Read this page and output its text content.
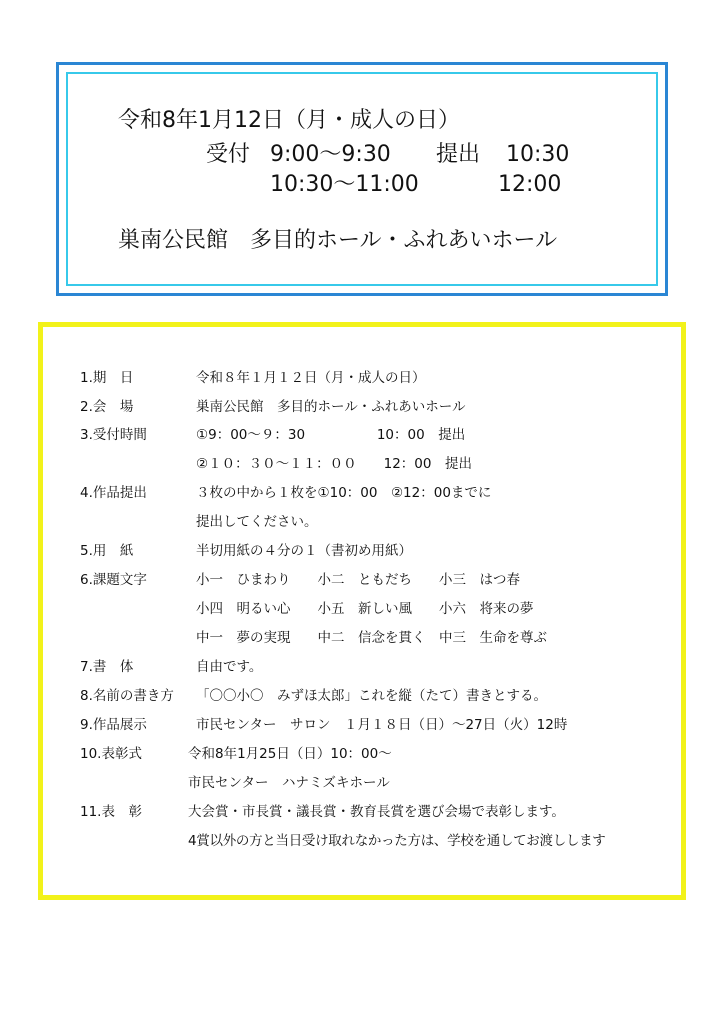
令和8年1月12日（月・成人の日）
受付 9:00～9:30 提出 10:30
10:30～11:00	12:00
巣南公民館　多目的ホール・ふれあいホール
1.期　日	令和８年１月１２日（月・成人の日）
2.会　場	巣南公民館　多目的ホール・ふれあいホール
3.受付時間	①9：00～９：30　　　　　 10：00　提出
②１０：３０～１１：００　　12：00　提出
4.作品提出	３枚の中から１枚を①10：00　②12：00までに
提出してください。
5.用　紙	半切用紙の４分の１（書初め用紙）
6.課題文字	小一　ひまわり　　小二　ともだち　　小三　はつ春
小四　明るい心　　小五　新しい風　　小六　将来の夢
中一　夢の実現　　中二　信念を貫く　中三　生命を尊ぶ
7.書　体	自由です。
8.名前の書き方 「〇〇小〇　みずほ太郎」これを縦（たて）書きとする。
9.作品展示	市民センター　サロン　１月１８日（日）～27日（火）12時
10.表彰式	令和8年1月25日（日）10：00～
市民センター　ハナミズキホール
11.表　彰	大会賞・市長賞・議長賞・教育長賞を選び会場で表彰します。
4賞以外の方と当日受け取れなかった方は、学校を通してお渡しします
